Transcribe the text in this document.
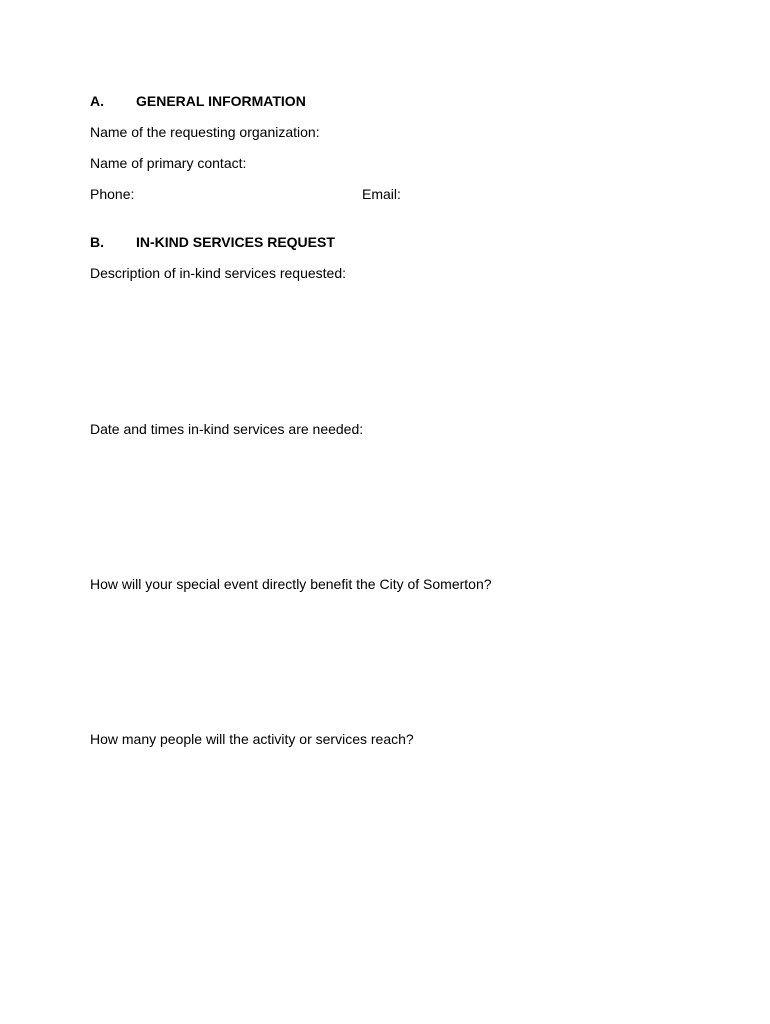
A. GENERAL INFORMATION
Name of the requesting organization:
Name of primary contact:
Phone:	Email:
B. IN-KIND SERVICES REQUEST
Description of in-kind services requested:
Date and times in-kind services are needed:
How will your special event directly benefit the City of Somerton?
How many people will the activity or services reach?
